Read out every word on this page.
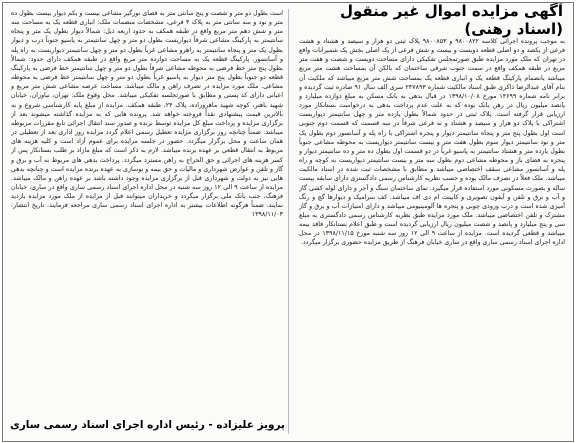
آگهی مزایده اموال غیر منقول (اسناد رهنی)
به موجب پرونده اجرائی کلاسه ۹۸۰۰۸۲۲ و ۹۸۰۰۸۵۳ پلاک ثبتی دو هزار و سیصد و هشتاد و هشت فرعی از یکصد و دو اصلی قطعه دویست و بیست و شش فرعی از یک اصلی بخش یک شمیرانات واقع در تهران که ملک مورد مزایده طبق صورتمجلس تفکیکی دارای مساحت دویست و شصت و هفت متر مربع در طبقه همکف واقع در سمت جنوب شرقی ساختمان که بالکن آن بمساحت هشت متر مربع میباشد بانضمام پارکینگ قطعه یک و انباری قطعه یک بمساحت شش متر مربع میباشد که ملکیت آن بنام آقای عبدالرضا ذاکری طبق اسناد مالکیت شماره ۲۴۷۸۹۳ سری الف سال ۹۱ صادره ثبت گردیده و برابر نامه شماره ۱۴۶۹۹ مورخ ۱۳۹۸/۱۰/۰۸ در قبال بدهی به بانک مسکن به مبلغ دوازده میلیارد و پانصد میلیون ریال در رهن بانک بوده که به علت عدم پرداخت بدهی به درخواست بستانکار مورد ارزیابی قرار گرفته است. پلاک ثبتی در حدود شمالاً بطول یازده متر و چهل سانتیمتر دیواریست اشتراکی با پلاک دو هزار و سیصد و هشتاد و نه فرعی شرقاً در سه قسمت که قسمت دوم جنوبی است اول بطول پنج متر و پنجاه سانتیمتر دیوار و پنجره اشتراکی با راه پله و آسانسور دوم بطول یک متر و نود سانتیمتر دیوار سوم بطول هفت متر و بیست سانتیمتر دیواریست به محوطه مشاعی جنوباً بطول یازده متر و هشتاد سانتیمتر به پاسیو غرباً در دو قسمت اول بطول ده متر و ده سانتیمتر دیوار و پنجره به فضای باز و محوطه مشاعی دوم بطول سه متر و بیست سانتیمتر دیواریست به کوچه و راه پله و آسانسور مشاعی سقف اختصاصی میباشد و مطابق با مشخصات ثبت شده در اسناد مالکیت میباشد. ملک فعلاً در تصرف مالک بوده و حسب نظریه کارشناس رسمی دادگستری دارای سابقه بیست ساله و بصورت مسکونی مورد استفاده قرار میگیرد. نمای ساختمان سنگ و آجر و دارای لوله کشی گاز و آب و برق و تلفن و آیفون تصویری و کابینت ام دی اف میباشد. کف سرامیک و دیوارها گچ و رنگ آمیزی شده است و درب ورودی چوبی و پنجره ها آلومینیومی میباشد و دارای امتیازات آب و برق و گاز مشترک و تلفن اختصاصی میباشد. ملک مورد مزایده طبق نظریه کارشناس رسمی دادگستری به مبلغ سی و پنج میلیارد و پانصد و شصت میلیون ریال ارزیابی گردیده است و طبق اعلام بستانکار فاقد بیمه میباشد و قطعی گردیده است. مزایده از ساعت ۹ الی ۱۲ روز سه شنبه مورخ ۱۳۹۸/۱۱/۱۵ در محل اداره اجرای اسناد رسمی ساری واقع در ساری خیابان فرهنگ از طریق مزایده حضوری برگزار میگردد.
است بطول دو متر و شصت و پنج سانتی متر به فضای نورگیر مشاعی بیست و یکم دیوار بیست بطول ده متر و نود و سه سانتی متر به پلاک ۴ فرعی، مشخصات منضمات ملک: انباری قطعه یک به مساحت سه متر و شش دهم متر مربع واقع در طبقه همکف به حدود اربعه ذیل: شمالاً دیوار بطول یک متر و پنجاه سانتیمتر به پارکینگ مشاعی شرقاً دیواریست بطول دو متر و چهل سانتیمتر به پاسیو جنوباً درب و دیوار بطول یک متر و پنجاه سانتیمتر به راهرو مشاعی غرباً بطول دو متر و چهل سانتیمتر دیواریست به راه پله و آسانسور. پارکینگ قطعه یک به مساحت دوازده متر مربع واقع در طبقه همکف دارای حدود: شمالاً بطول پنج متر خط فرضی به محوطه مشاعی شرقاً بطول دو متر و چهل سانتیمتر خط فرضی به پارکینگ قطعه دو جنوباً بطول پنج متر دیوار به پاسیو غرباً بطول دو متر و چهل سانتیمتر خط فرضی به محوطه مشاعی. ملک مورد مزایده در تصرف راهن و مالک میباشد. مساحت عرصه مشاعی شش متر مربع و اعیانی دارای کد پستی و مطابق با صورتجلسه تفکیکی میباشد. محل وقوع ملک: تهران، نیاوران، خیابان شهید باهنر، کوچه شهید ماهروزاده، پلاک ۲۴، طبقه همکف. مزایده از مبلغ پایه کارشناسی شروع و به بالاترین قیمت پیشنهادی نقداً فروخته خواهد شد. پرونده هایی که به مزایده گذاشته میشوند بعد از برگزاری مزایده و پرداخت مبلغ کل مزایده توسط برنده و صدور سند انتقال اجرائی تابع مقررات مربوطه میباشد. ضمناً چنانچه روز برگزاری مزایده تعطیل رسمی اعلام گردد مزایده روز اداری بعد از تعطیلی در همان ساعت و محل برگزار میگردد. حضور در جلسه مزایده برای عموم آزاد است و کلیه هزینه های مربوط به انتقال قطعی بر عهده برنده میباشد. لازم به ذکر است که مبلغ مازاد بر طلب بستانکار پس از کسر هزینه های اجرائی و حق الحراج به راهن مسترد میگردد. پرداخت بدهی های مربوط به آب و برق و گاز و تلفن و عوارض شهرداری و مالیات و حق بیمه و نوسازی به عهده برنده مزایده است و چنانچه بدهی هایی نیز به دولت و شهرداری قبل از برگزاری مزایده وجود داشته باشد بر عهده راهن و مالک میباشد. مزایده از ساعت ۹ الی ۱۲ روز سه شنبه در محل اداره اجرای اسناد رسمی ساری واقع در ساری، خیابان فرهنگ، جنب بانک ملی برگزار میگردد و خریداران میتوانند قبل از مزایده از ملک مورد مزایده بازدید نمایند. ضمناً هرگونه اطلاعات بیشتر به اداره اجرای اسناد رسمی ساری مراجعه فرمایند. تاریخ انتشار: ۱۳۹۸/۱۱/۰۳
پرویز علیزاده - رئیس اداره اجرای اسناد رسمی ساری
